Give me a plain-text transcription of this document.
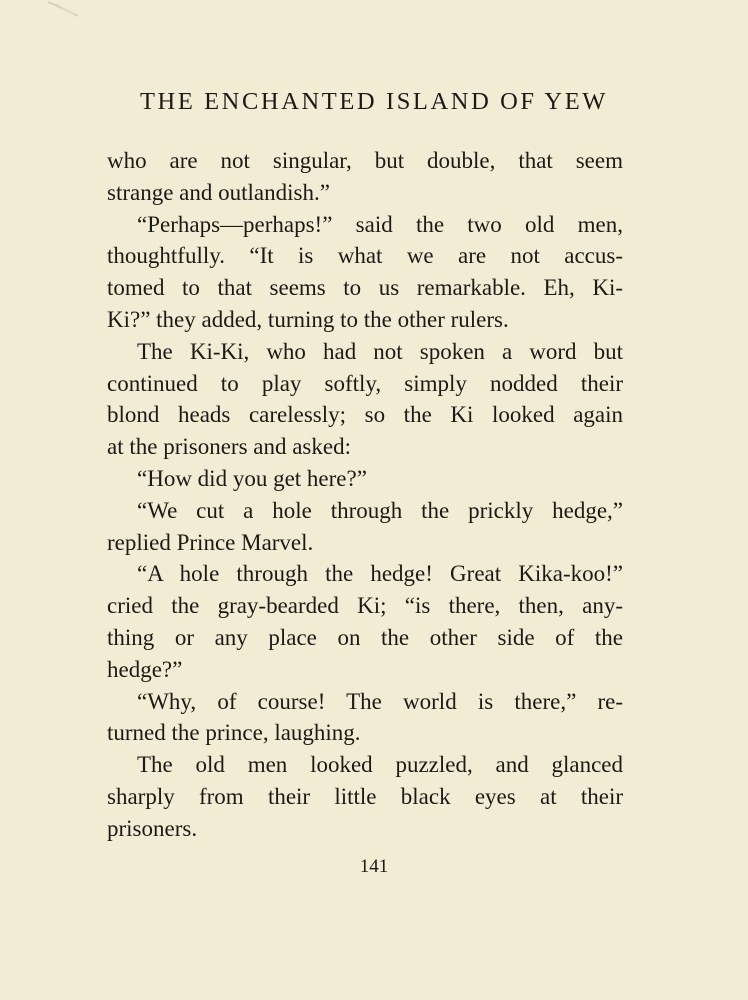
THE ENCHANTED ISLAND OF YEW
who are not singular, but double, that seem
strange and outlandish.”
“Perhaps—perhaps!” said the two old men,
thoughtfully. “It is what we are not accus-
tomed to that seems to us remarkable. Eh, Ki-
Ki?” they added, turning to the other rulers.
The Ki-Ki, who had not spoken a word but
continued to play softly, simply nodded their
blond heads carelessly; so the Ki looked again
at the prisoners and asked:
“How did you get here?”
“We cut a hole through the prickly hedge,”
replied Prince Marvel.
“A hole through the hedge! Great Kika-koo!”
cried the gray-bearded Ki; “is there, then, any-
thing or any place on the other side of the
hedge?”
“Why, of course! The world is there,” re-
turned the prince, laughing.
The old men looked puzzled, and glanced
sharply from their little black eyes at their
prisoners.
141
